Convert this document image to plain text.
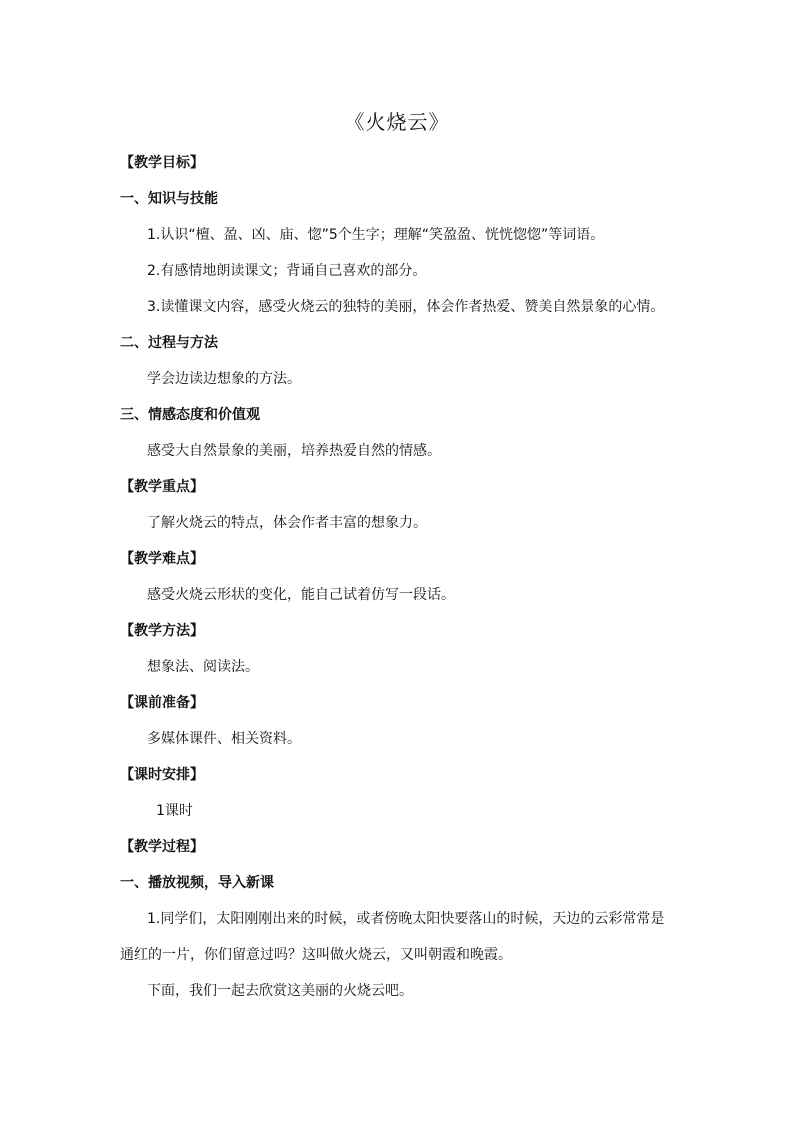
《火烧云》
【教学目标】
一、知识与技能
1.认识“檀、盈、凶、庙、惚”5个生字；理解“笑盈盈、恍恍惚惚”等词语。
2.有感情地朗读课文；背诵自己喜欢的部分。
3.读懂课文内容，感受火烧云的独特的美丽，体会作者热爱、赞美自然景象的心情。
二、过程与方法
学会边读边想象的方法。
三、情感态度和价值观
感受大自然景象的美丽，培养热爱自然的情感。
【教学重点】
了解火烧云的特点，体会作者丰富的想象力。
【教学难点】
感受火烧云形状的变化，能自己试着仿写一段话。
【教学方法】
想象法、阅读法。
【课前准备】
多媒体课件、相关资料。
【课时安排】
1课时
【教学过程】
一、播放视频，导入新课
1.同学们，太阳刚刚出来的时候，或者傍晚太阳快要落山的时候，天边的云彩常常是
通红的一片，你们留意过吗？这叫做火烧云，又叫朝霞和晚霞。
下面，我们一起去欣赏这美丽的火烧云吧。
